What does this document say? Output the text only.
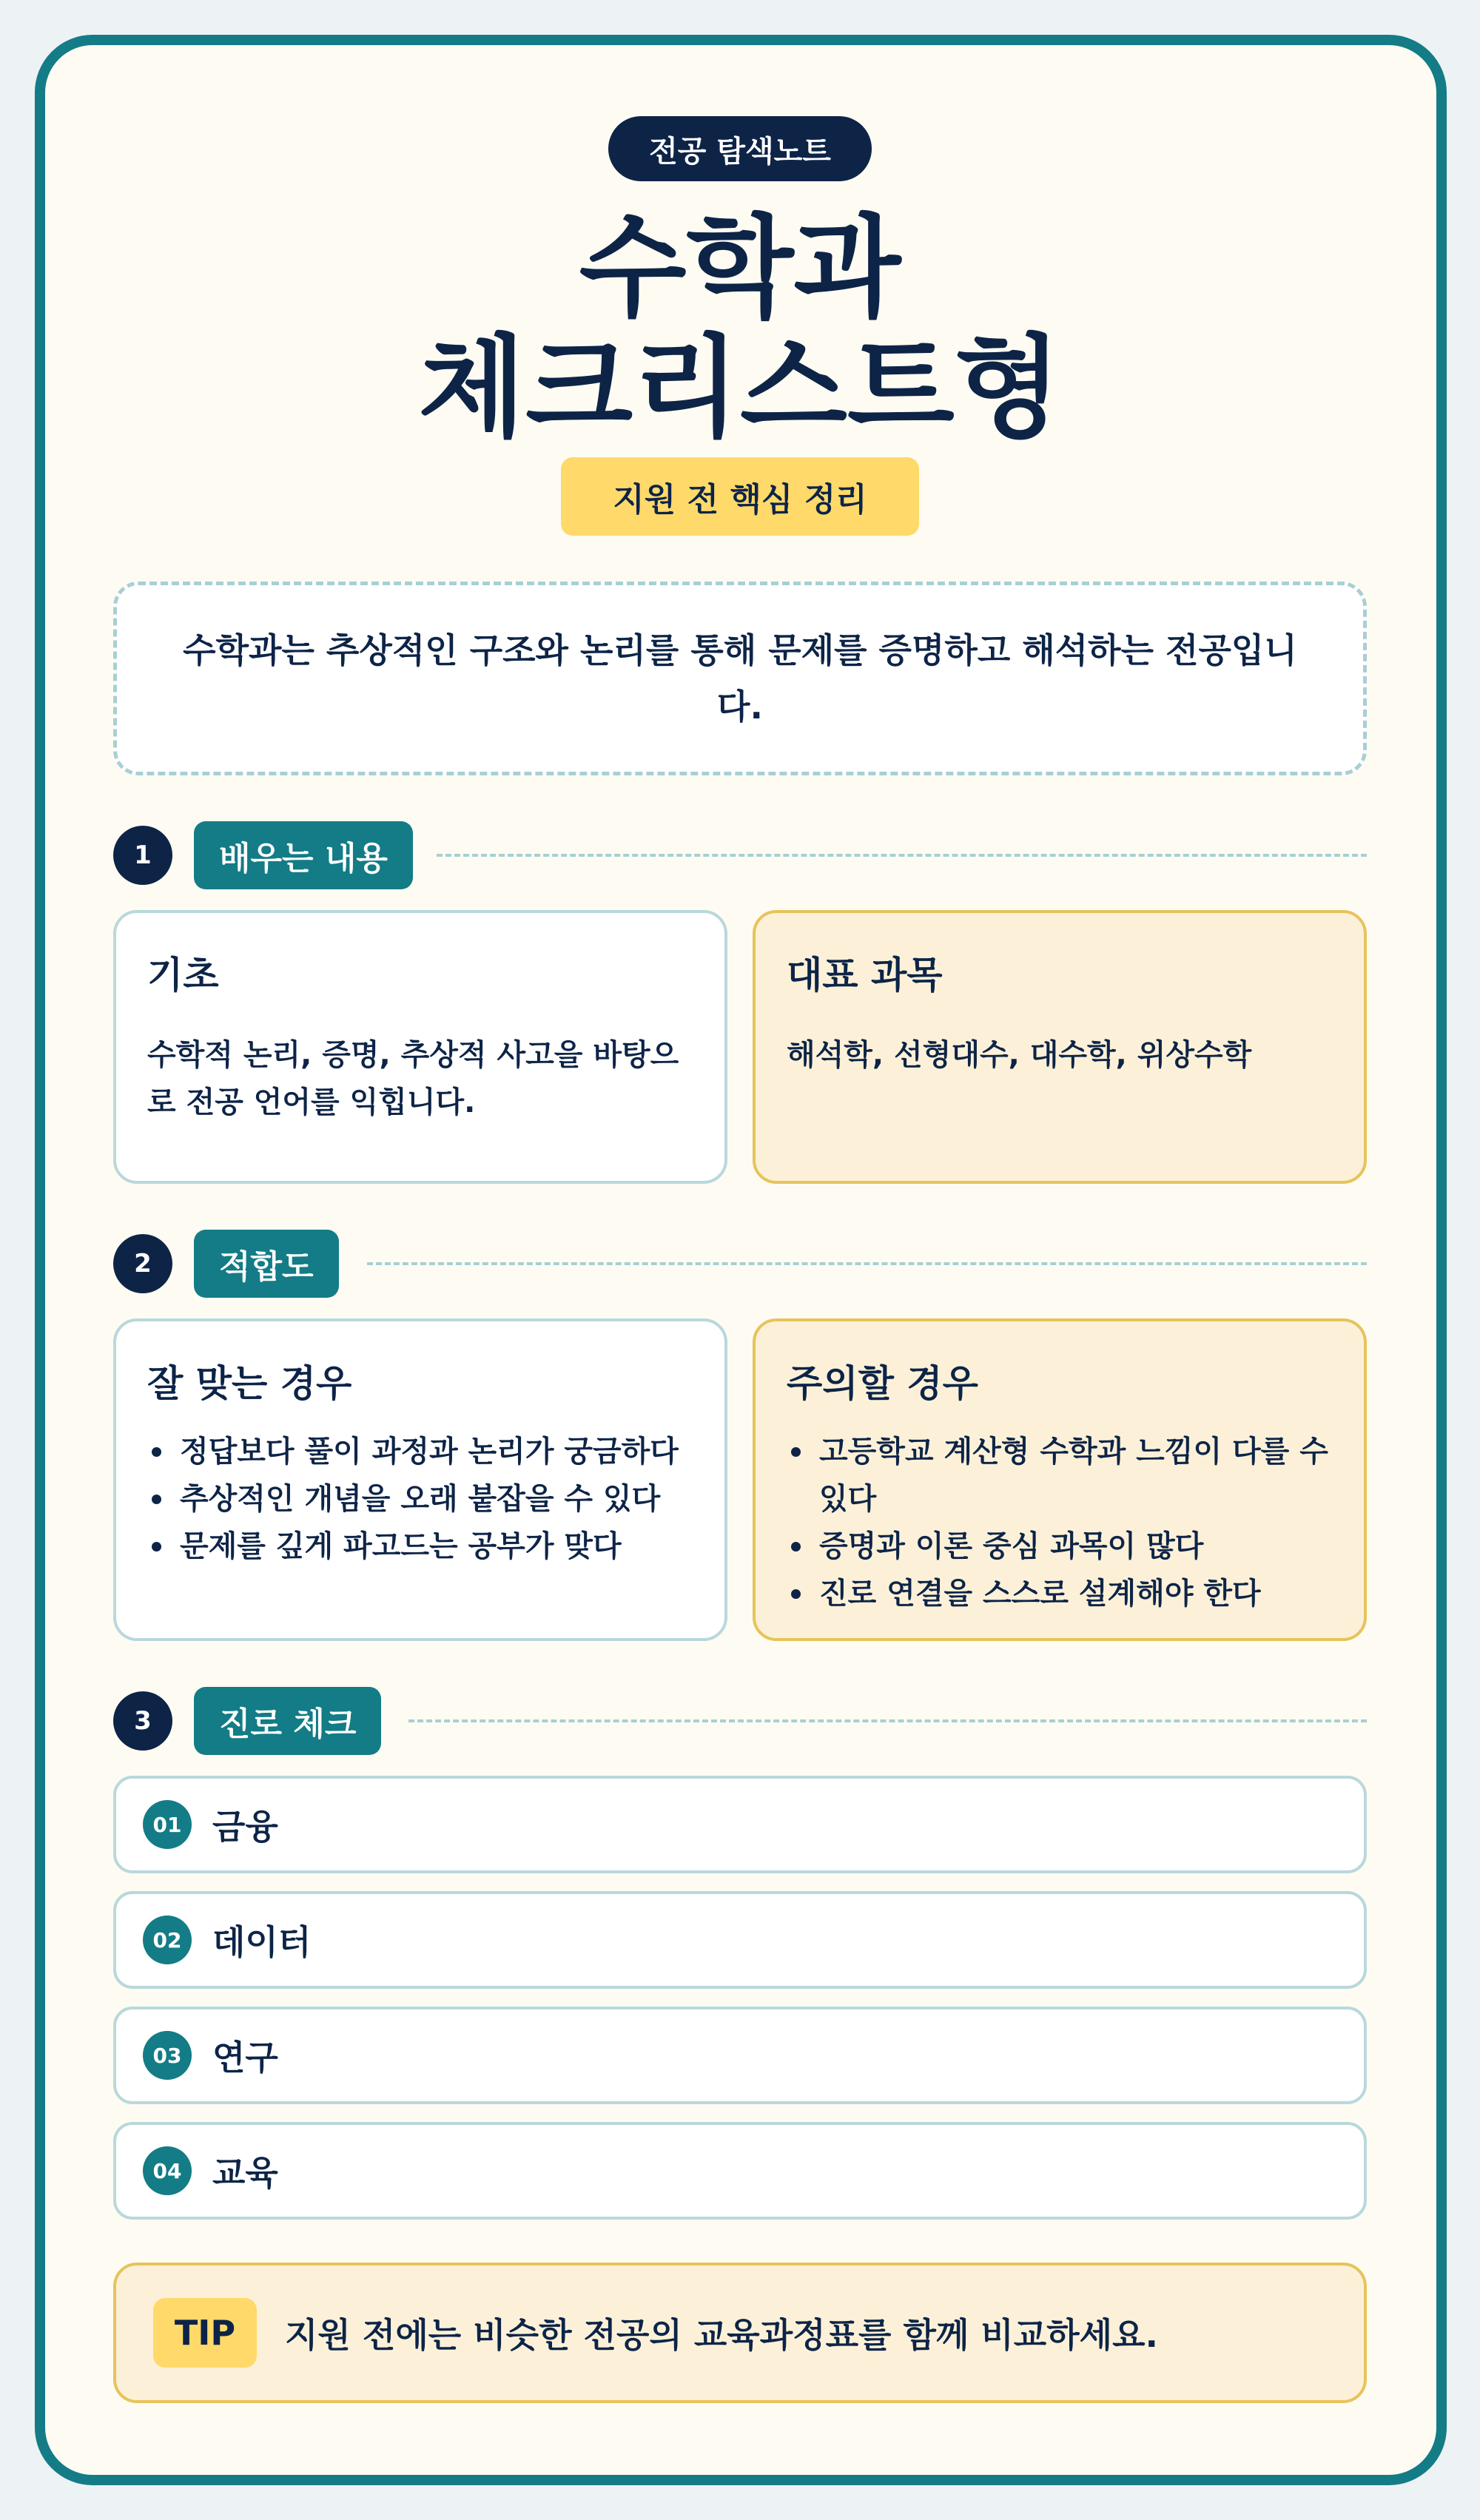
전공 탐색노트
수학과
체크리스트형
지원 전 핵심 정리
수학과는 추상적인 구조와 논리를 통해 문제를 증명하고 해석하는 전공입니다.
1	배우는 내용
기초
수학적 논리, 증명, 추상적 사고을 바탕으로 전공 언어를 익힙니다.
대표 과목
해석학, 선형대수, 대수학, 위상수학
2	적합도
잘 맞는 경우
정답보다 풀이 과정과 논리가 궁금하다
추상적인 개념을 오래 붙잡을 수 있다
문제를 깊게 파고드는 공부가 맞다
주의할 경우
고등학교 계산형 수학과 느낌이 다를 수 있다
증명과 이론 중심 과목이 많다
진로 연결을 스스로 설계해야 한다
3	진로 체크
01 금융
02 데이터
03 연구
04 교육
TIP	지원 전에는 비슷한 전공의 교육과정표를 함께 비교하세요.
